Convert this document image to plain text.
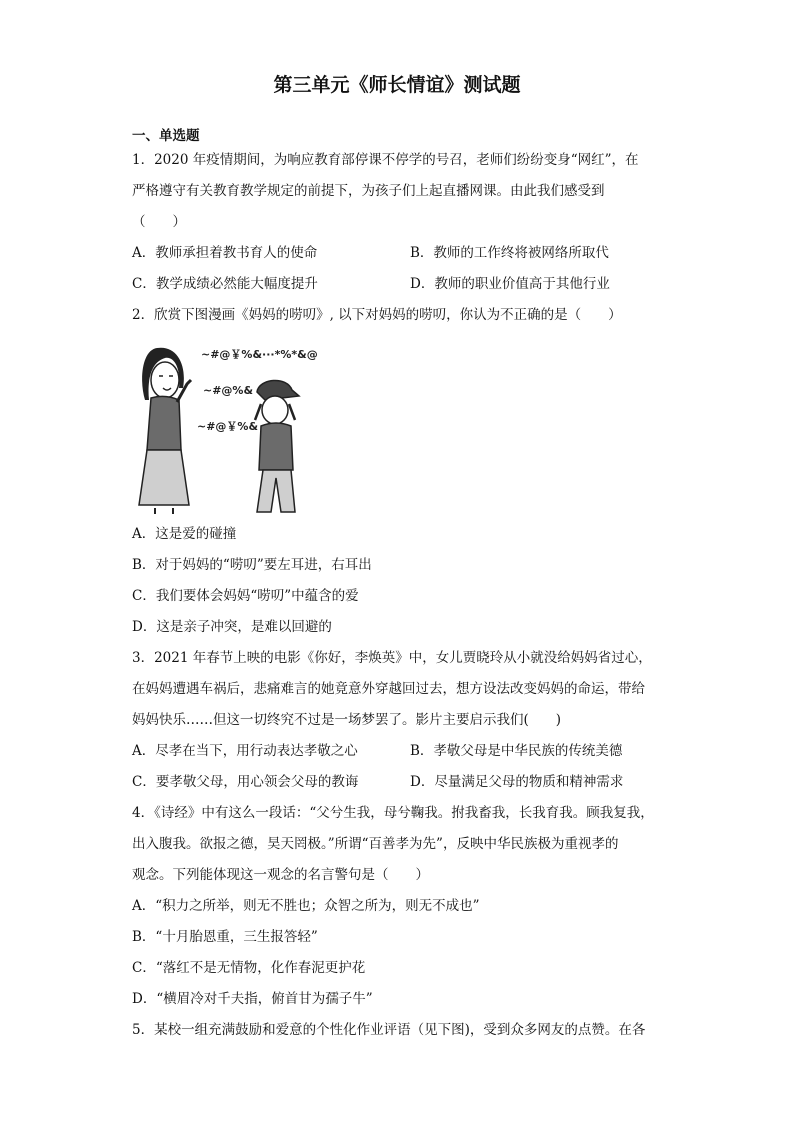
第三单元《师长情谊》测试题
一、单选题
1．2020 年疫情期间，为响应教育部停课不停学的号召，老师们纷纷变身“网红”，在
严格遵守有关教育教学规定的前提下，为孩子们上起直播网课。由此我们感受到
（　　）
A．教师承担着教书育人的使命	B．教师的工作终将被网络所取代
C．教学成绩必然能大幅度提升	D．教师的职业价值高于其他行业
2．欣赏下图漫画《妈妈的唠叨》, 以下对妈妈的唠叨，你认为不正确的是（　　）
~#@￥%&···*%*&@
~#@%&
~#@￥%&
A．这是爱的碰撞
B．对于妈妈的“唠叨”要左耳进，右耳出
C．我们要体会妈妈“唠叨”中蕴含的爱
D．这是亲子冲突，是难以回避的
3．2021 年春节上映的电影《你好，李焕英》中，女儿贾晓玲从小就没给妈妈省过心，
在妈妈遭遇车祸后，悲痛难言的她竟意外穿越回过去，想方设法改变妈妈的命运，带给
妈妈快乐……但这一切终究不过是一场梦罢了。影片主要启示我们(　　)
A．尽孝在当下，用行动表达孝敬之心	B．孝敬父母是中华民族的传统美德
C．要孝敬父母，用心领会父母的教诲	D．尽量满足父母的物质和精神需求
4．《诗经》中有这么一段话：“父兮生我，母兮鞠我。拊我畜我，长我育我。顾我复我，
出入腹我。欲报之德，昊天罔极。”所谓“百善孝为先”，反映中华民族极为重视孝的
观念。下列能体现这一观念的名言警句是（　　）
A．“积力之所举，则无不胜也；众智之所为，则无不成也”
B．“十月胎恩重，三生报答轻”
C．“落红不是无情物，化作春泥更护花
D．“横眉冷对千夫指，俯首甘为孺子牛”
5．某校一组充满鼓励和爱意的个性化作业评语（见下图)，受到众多网友的点赞。在各
